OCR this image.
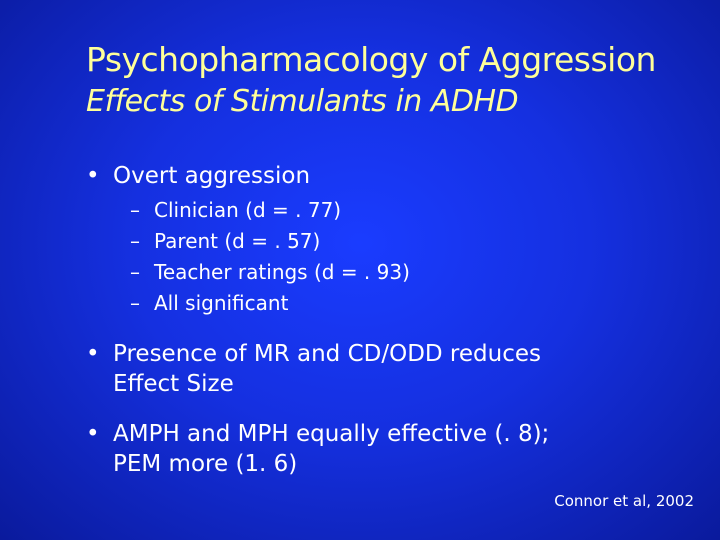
Psychopharmacology of Aggression
Effects of Stimulants in ADHD
• Overt aggression
– Clinician (d = . 77)
– Parent (d = . 57)
– Teacher ratings (d = . 93)
– All significant
• Presence of MR and CD/ODD reduces
Effect Size
• AMPH and MPH equally effective (. 8);
PEM more (1. 6)
Connor et al, 2002
